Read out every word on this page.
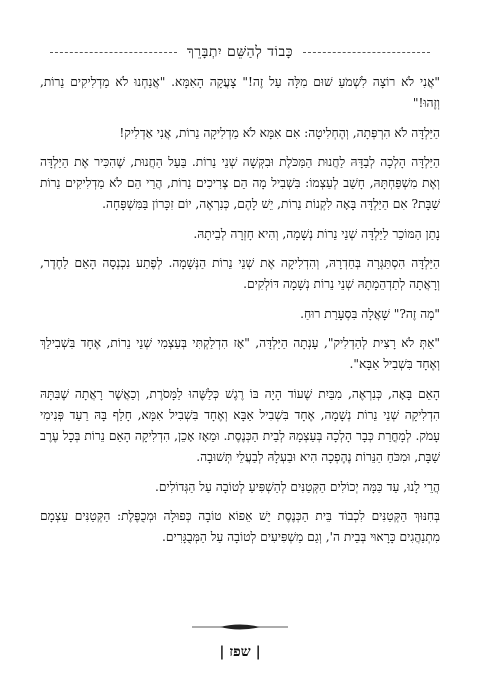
כָּבוֹד לְהַשֵּׁם יִתְבָּרֵךְ

"אֲנִי לֹא רוֹצָה לִשְׁמֹעַ שׁוּם מִלָּה עַל זֶה!" צָעֲקָה הָאִמָּא. "אֲנַחְנוּ לֹא מַדְלִיקִים נֵרוֹת, וְזֶהוּ!"

הַיַּלְדָּה לֹא הִרְפְּתָה, וְהֶחְלִיטָה: אִם אִמָּא לֹא מַדְלִיקָה נֵרוֹת, אֲנִי אַדְלִיק!

הַיַּלְדָּה הָלְכָה לְבַדָּהּ לַחֲנוּת הַמַּכֹּלֶת וּבִקְּשָׁה שְׁנֵי נֵרוֹת. בַּעַל הַחֲנוּת, שֶׁהִכִּיר אֶת הַיַּלְדָּה וְאֶת מִשְׁפַּחְתָּהּ, חָשַׁב לְעַצְמוֹ: בִּשְׁבִיל מָה הֵם צְרִיכִים נֵרוֹת, הֲרֵי הֵם לֹא מַדְלִיקִים נֵרוֹת שַׁבָּת? אִם הַיַּלְדָּה בָּאָה לִקְנוֹת נֵרוֹת, יֵשׁ לָהֶם, כְּנִרְאֶה, יוֹם זִכָּרוֹן בַּמִּשְׁפָּחָה.

נָתַן הַמּוֹכֵר לַיַּלְדָּה שְׁנֵי נֵרוֹת נְשָׁמָה, וְהִיא חָזְרָה לְבֵיתָהּ.

הַיַּלְדָּה הִסְתַּגְּרָה בְּחַדְרָהּ, וְהִדְלִיקָה אֶת שְׁנֵי נֵרוֹת הַנְּשָׁמָה. לְפֶתַע נִכְנְסָה הָאֵם לַחֶדֶר, וְרָאֲתָה לְתַדְהֵמָתָהּ שְׁנֵי נֵרוֹת נְשָׁמָה דּוֹלְקִים.

"מָה זֶה?" שָׁאֲלָה בִּסְעָרַת רוּחַ.

"אַתְּ לֹא רָצִית לְהַדְלִיק", עָנְתָה הַיַּלְדָּה, "אָז הִדְלַקְתִּי בְּעַצְמִי שְׁנֵי נֵרוֹת, אֶחָד בִּשְׁבִילֵךְ וְאֶחָד בִּשְׁבִיל אַבָּא".

הָאֵם בָּאָה, כְּנִרְאֶה, מִבַּיִת שֶׁעוֹד הָיָה בּוֹ רֶגֶשׁ כְּלַשֶּׁהוּ לַמָּסֹרֶת, וְכַאֲשֶׁר רָאֲתָה שֶׁבִּתָּהּ הִדְלִיקָה שְׁנֵי נֵרוֹת נְשָׁמָה, אֶחָד בִּשְׁבִיל אַבָּא וְאֶחָד בִּשְׁבִיל אִמָּא, חָלַף בָּהּ רַעַד פְּנִימִי עָמֹק. לְמָחֳרַת כְּבָר הָלְכָה בְּעַצְמָהּ לְבֵית הַכְּנֶסֶת. וּמֵאָז אָכֵן, הִדְלִיקָה הָאֵם נֵרוֹת בְּכָל עֶרֶב שַׁבָּת, וּמִכֹּחַ הַנֵּרוֹת נֶהֶפְכָה הִיא וּבַעְלָהּ לְבַעֲלֵי תְּשׁוּבָה.

הֲרֵי לָנוּ, עַד כַּמָּה יְכוֹלִים הַקְּטַנִּים לְהַשְׁפִּיעַ לְטוֹבָה עַל הַגְּדוֹלִים.

בְּחִנּוּךְ הַקְּטַנִּים לִכְבוֹד בֵּית הַכְּנֶסֶת יֵשׁ אֵפוֹא טוֹבָה כְּפוּלָה וּמְכֻפֶּלֶת: הַקְּטַנִּים עַצְמָם מִתְנַהֲגִים כָּרָאוּי בְּבֵית ה', וְגַם מַשְׁפִּיעִים לְטוֹבָה עַל הַמְּבֻגָּרִים.

| שפז |
